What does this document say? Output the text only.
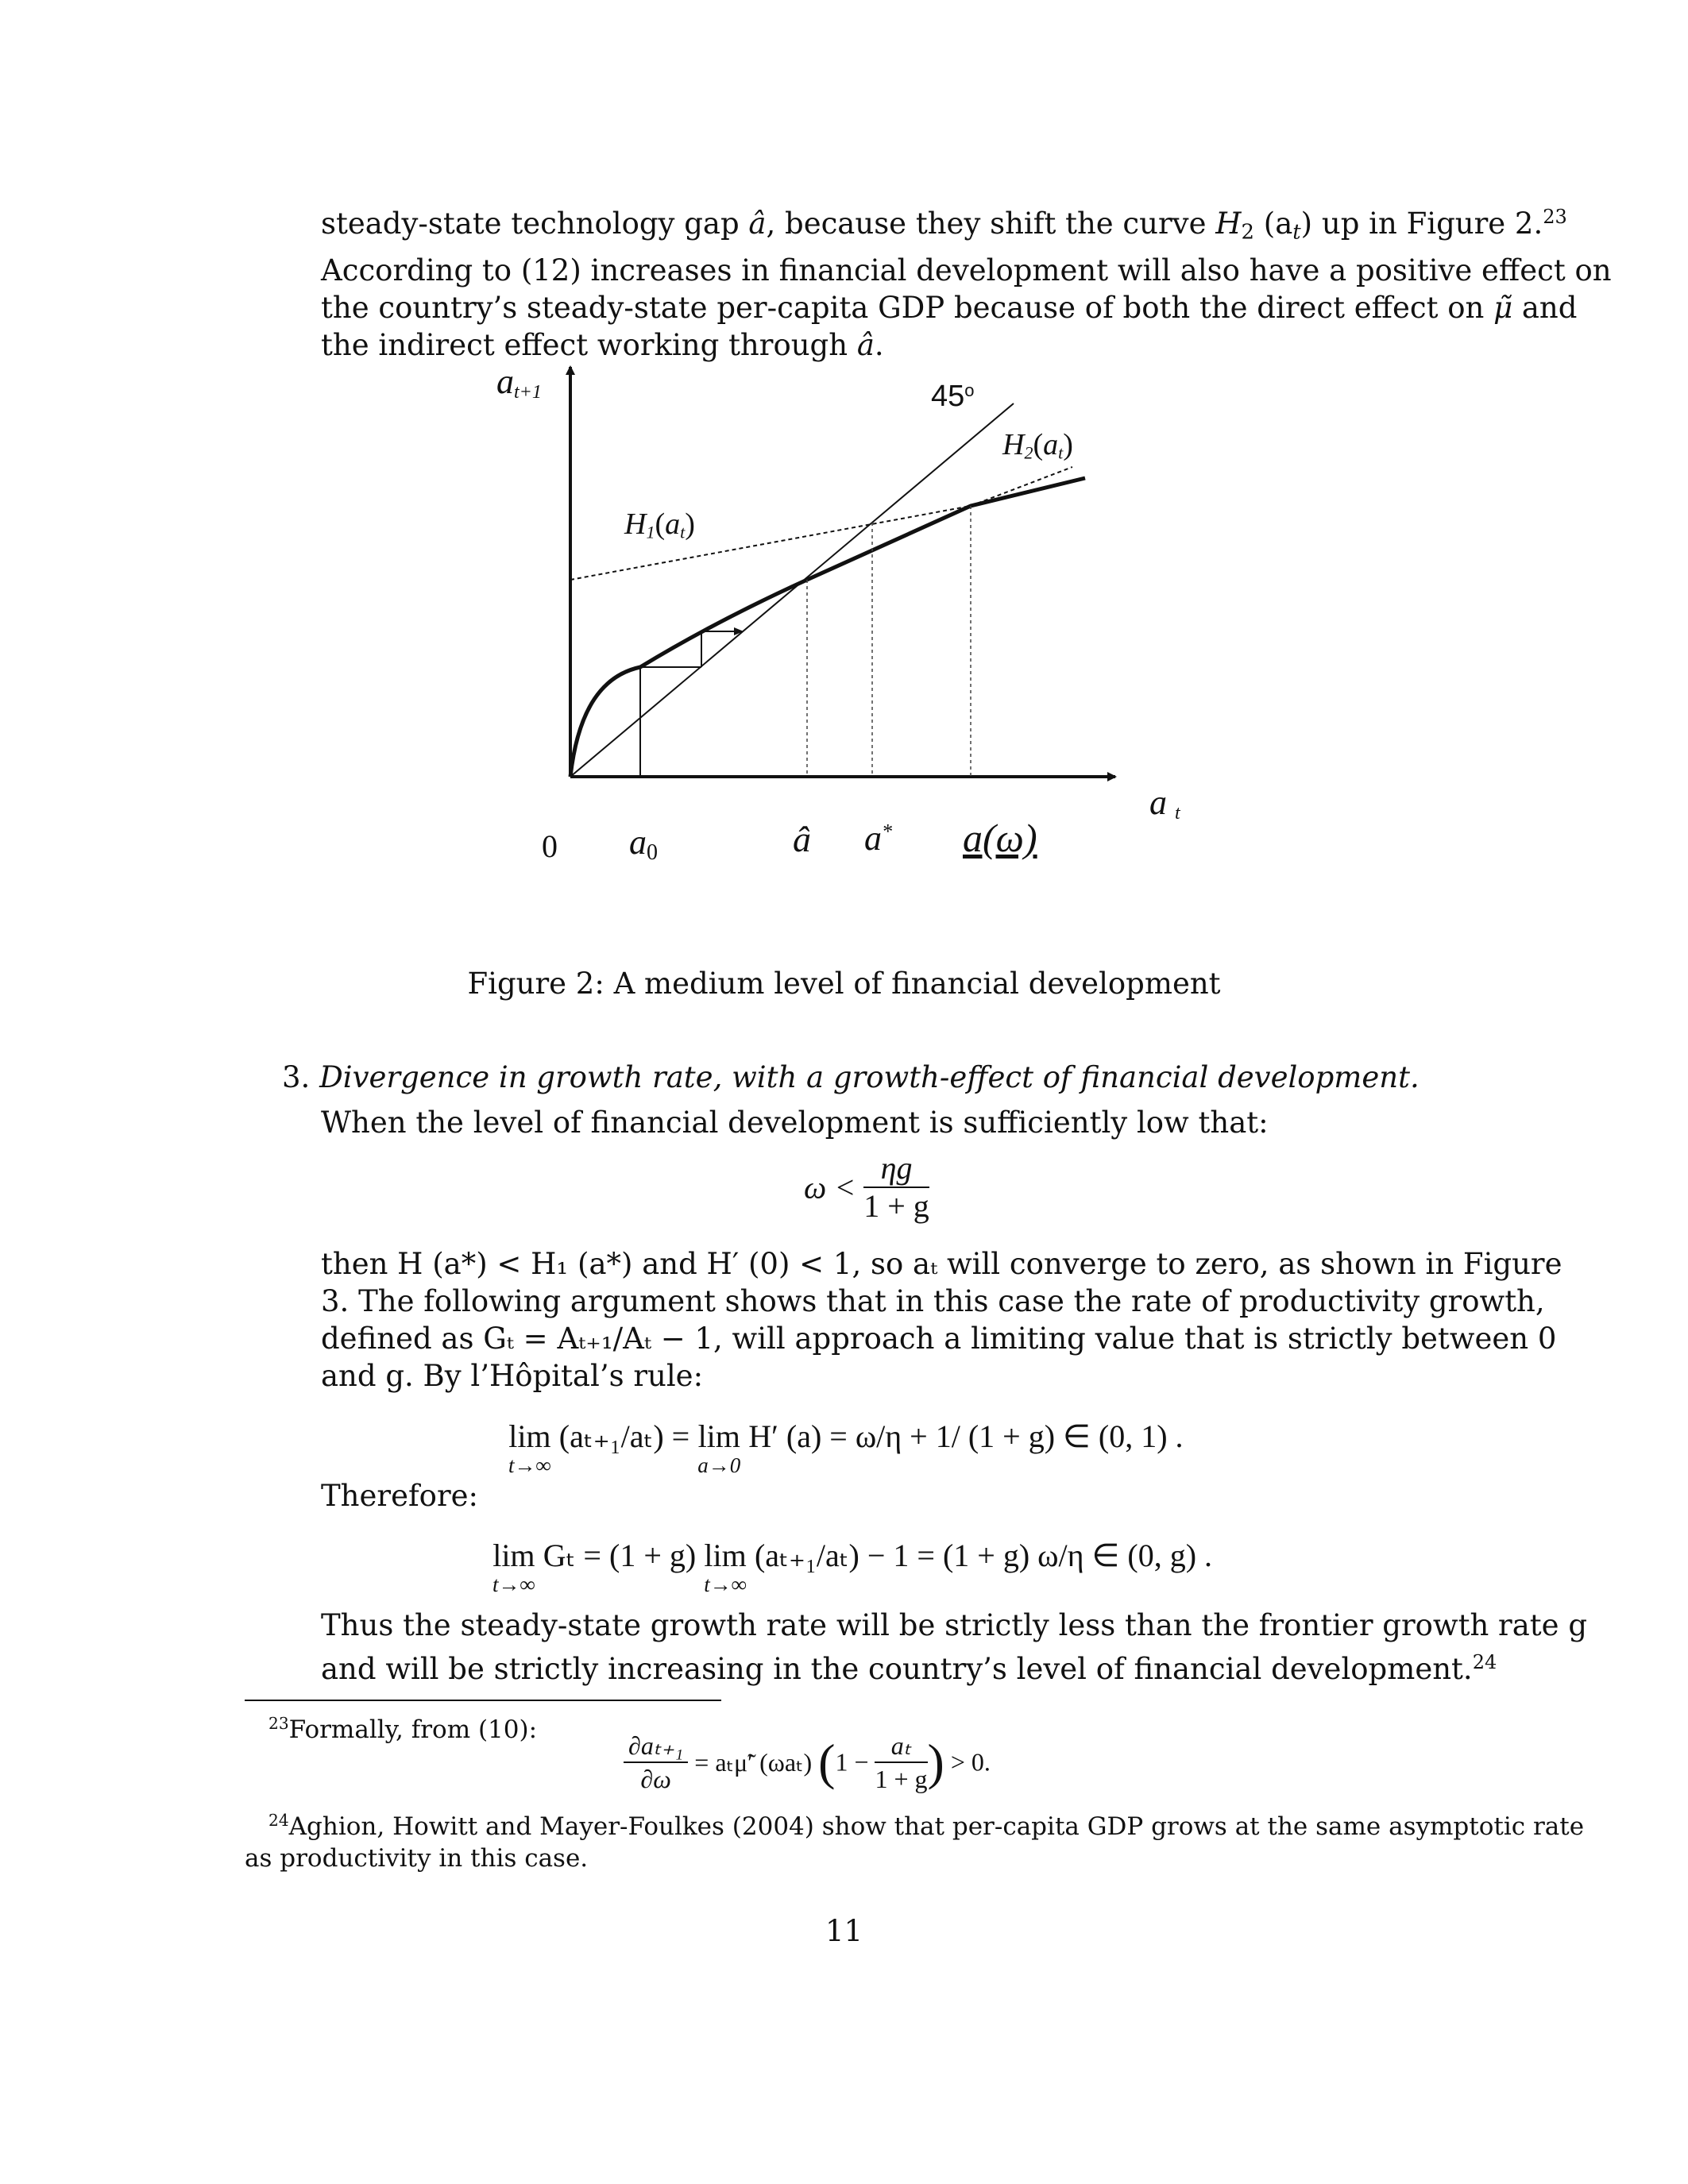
steady-state technology gap â, because they shift the curve $H_2$ $(a_t)$ up in Figure 2.23
According to (12) increases in financial development will also have a positive effect on
the country’s steady-state per-capita GDP because of both the direct effect on μ̃ and
the indirect effect working through â.
$a_{t+1}$	45$^o$
$H_2(a_t)$
$H_1(a_t)$
a $_t$
0 $a_0$	â a* a(ω)
Figure 2: A medium level of financial development
3. Divergence in growth rate, with a growth-effect of financial development.
When the level of financial development is sufficiently low that:
$\omega < \frac{\eta g}{1 + g}$
then H (a*) < H₁ (a*) and H′ (0) < 1, so aₜ will converge to zero, as shown in Figure
3. The following argument shows that in this case the rate of productivity growth,
defined as Gₜ = Aₜ₊₁/Aₜ − 1, will approach a limiting value that is strictly between 0
and g. By l’Hôpital’s rule:
lim
t→∞
(aₜ₊₁/aₜ) = lim
a→0
H′ (a) = ω/η + 1/ (1 + g) ∈ (0, 1) .
Therefore:
lim
t→∞
Gₜ = (1 + g) lim
t→∞
(aₜ₊₁/aₜ) − 1 = (1 + g) ω/η ∈ (0, g) .
Thus the steady-state growth rate will be strictly less than the frontier growth rate g
and will be strictly increasing in the country’s level of financial development.$^{24}$
$^{23}$Formally, from (10):	$\frac{\text{∂aₜ₊₁}}{\partial\omega}$ = aₜμ̃′ (ωaₜ) ($1 - \frac{\text{aₜ}}{1 + g}$ ) > 0.
$^{24}$Aghion, Howitt and Mayer-Foulkes (2004) show that per-capita GDP grows at the same asymptotic rate
as productivity in this case.
11
